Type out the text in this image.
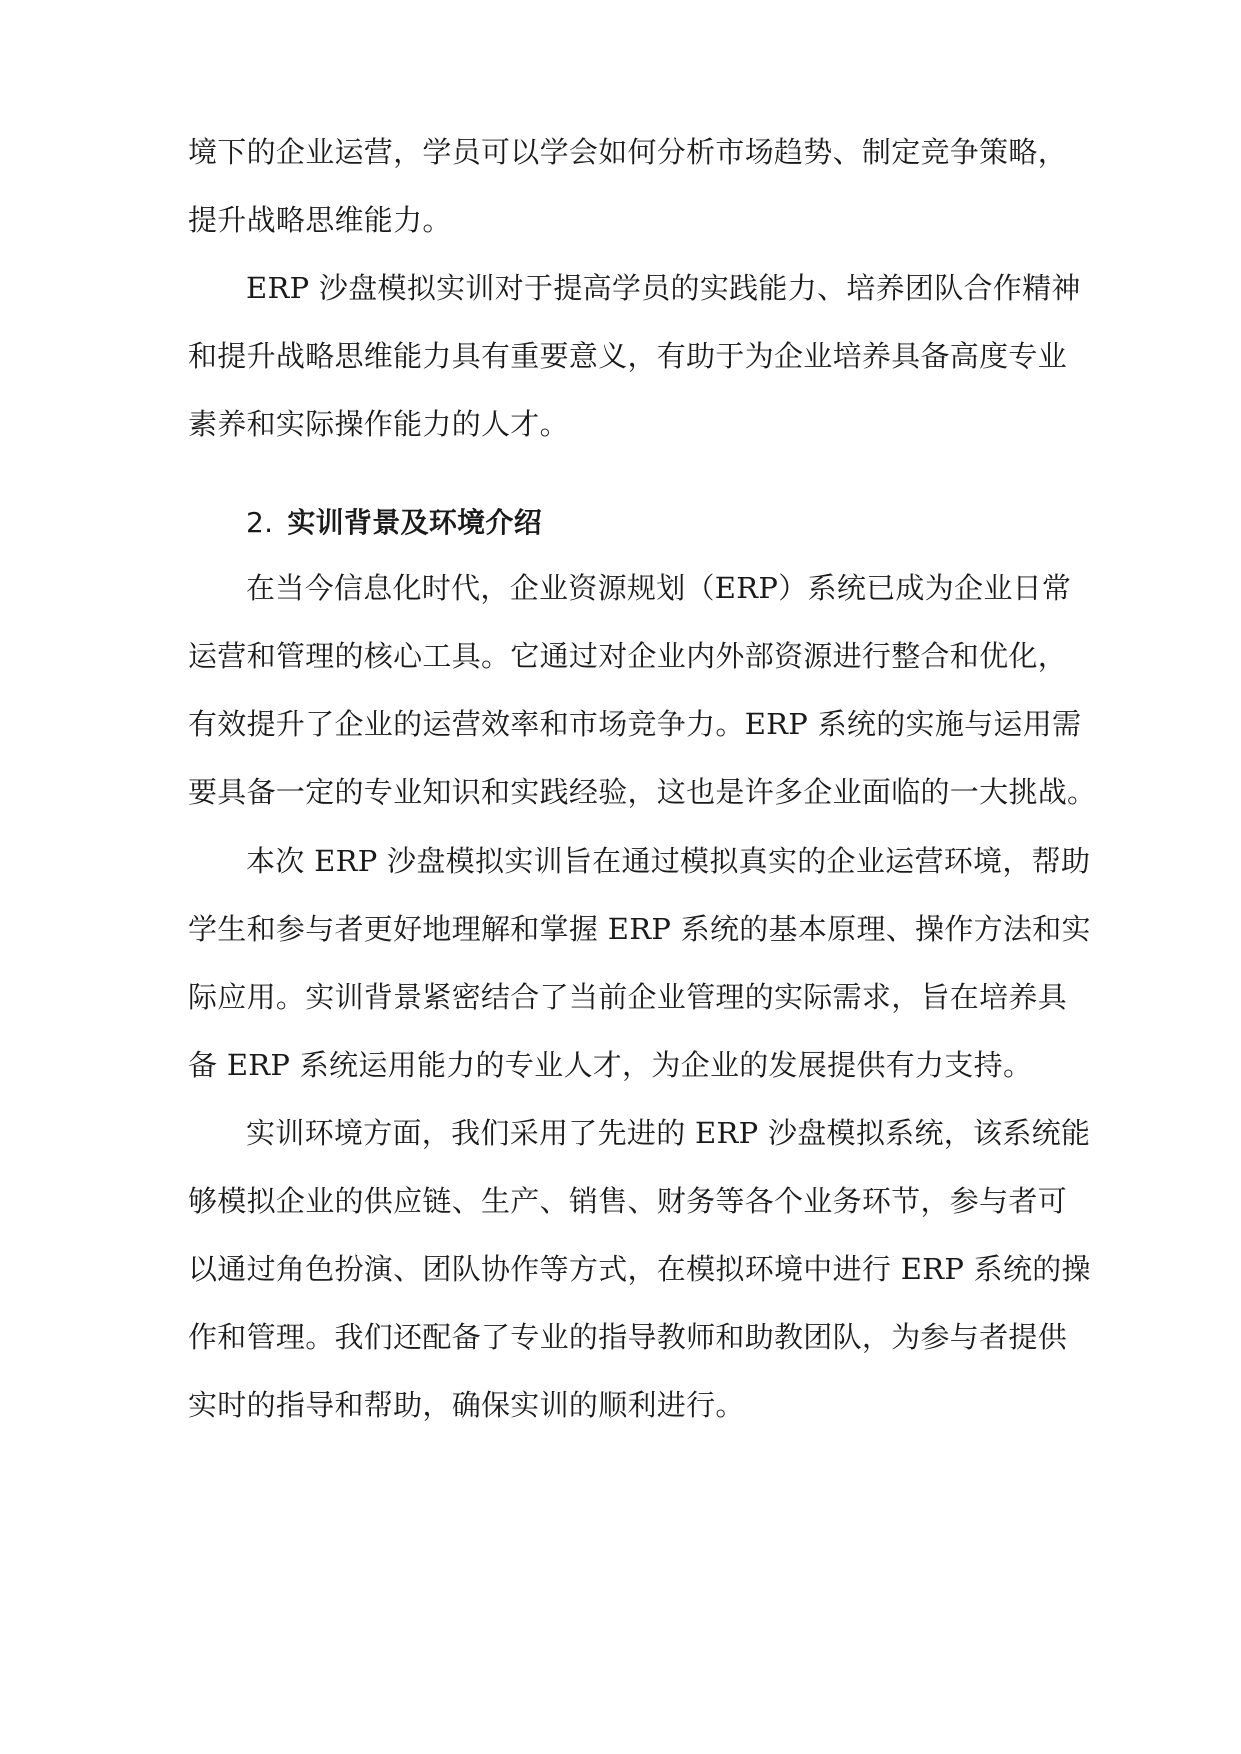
境下的企业运营，学员可以学会如何分析市场趋势、制定竞争策略，
提升战略思维能力。
ERP 沙盘模拟实训对于提高学员的实践能力、培养团队合作精神
和提升战略思维能力具有重要意义，有助于为企业培养具备高度专业
素养和实际操作能力的人才。
2. 实训背景及环境介绍
在当今信息化时代，企业资源规划（ERP）系统已成为企业日常
运营和管理的核心工具。它通过对企业内外部资源进行整合和优化，
有效提升了企业的运营效率和市场竞争力。ERP 系统的实施与运用需
要具备一定的专业知识和实践经验，这也是许多企业面临的一大挑战。
本次 ERP 沙盘模拟实训旨在通过模拟真实的企业运营环境，帮助
学生和参与者更好地理解和掌握 ERP 系统的基本原理、操作方法和实
际应用。实训背景紧密结合了当前企业管理的实际需求，旨在培养具
备 ERP 系统运用能力的专业人才，为企业的发展提供有力支持。
实训环境方面，我们采用了先进的 ERP 沙盘模拟系统，该系统能
够模拟企业的供应链、生产、销售、财务等各个业务环节，参与者可
以通过角色扮演、团队协作等方式，在模拟环境中进行 ERP 系统的操
作和管理。我们还配备了专业的指导教师和助教团队，为参与者提供
实时的指导和帮助，确保实训的顺利进行。
